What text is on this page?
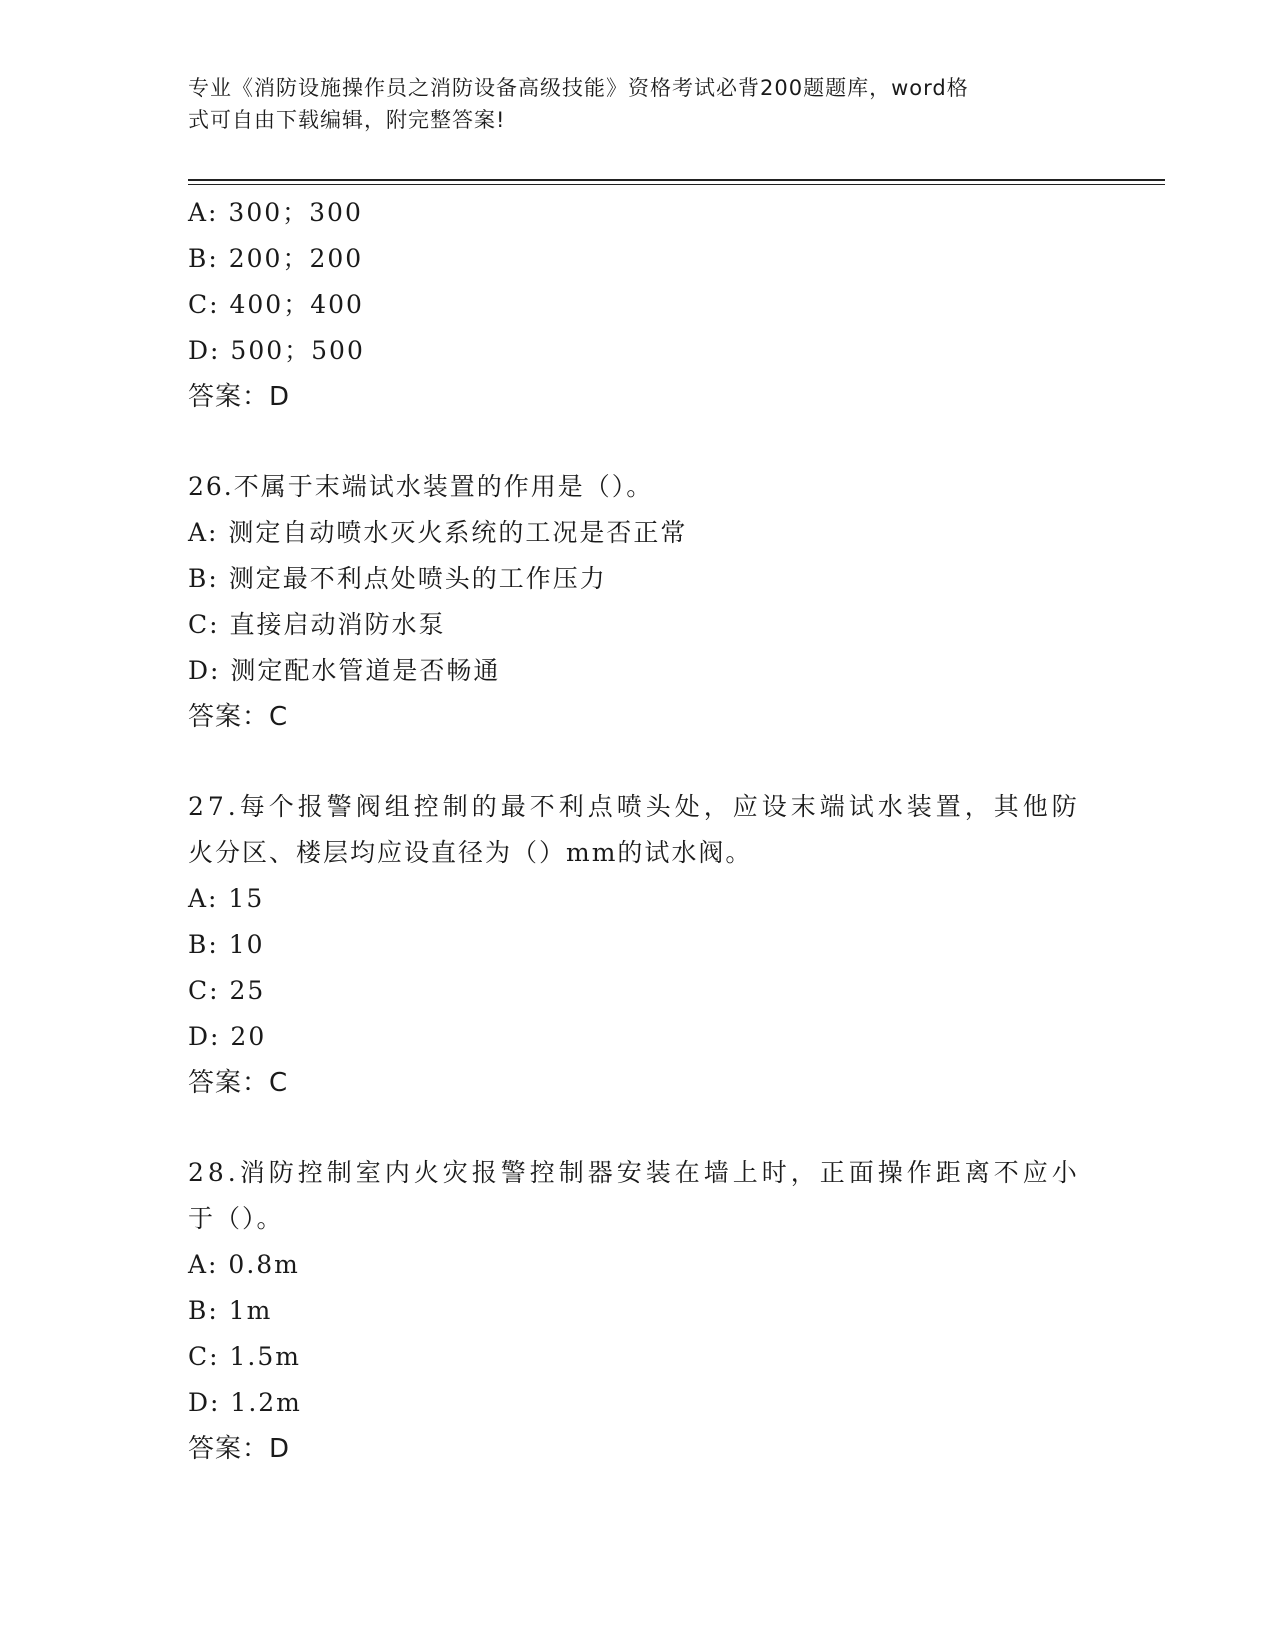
专业《消防设施操作员之消防设备高级技能》资格考试必背200题题库，word格
式可自由下载编辑，附完整答案!
A: 300；300
B: 200；200
C: 400；400
D: 500；500
答案：D
26.不属于末端试水装置的作用是（）。
A: 测定自动喷水灭火系统的工况是否正常
B: 测定最不利点处喷头的工作压力
C: 直接启动消防水泵
D: 测定配水管道是否畅通
答案：C
27.每个报警阀组控制的最不利点喷头处，应设末端试水装置，其他防
火分区、楼层均应设直径为（）mm的试水阀。
A: 15
B: 10
C: 25
D: 20
答案：C
28.消防控制室内火灾报警控制器安装在墙上时，正面操作距离不应小
于（）。
A: 0.8m
B: 1m
C: 1.5m
D: 1.2m
答案：D
